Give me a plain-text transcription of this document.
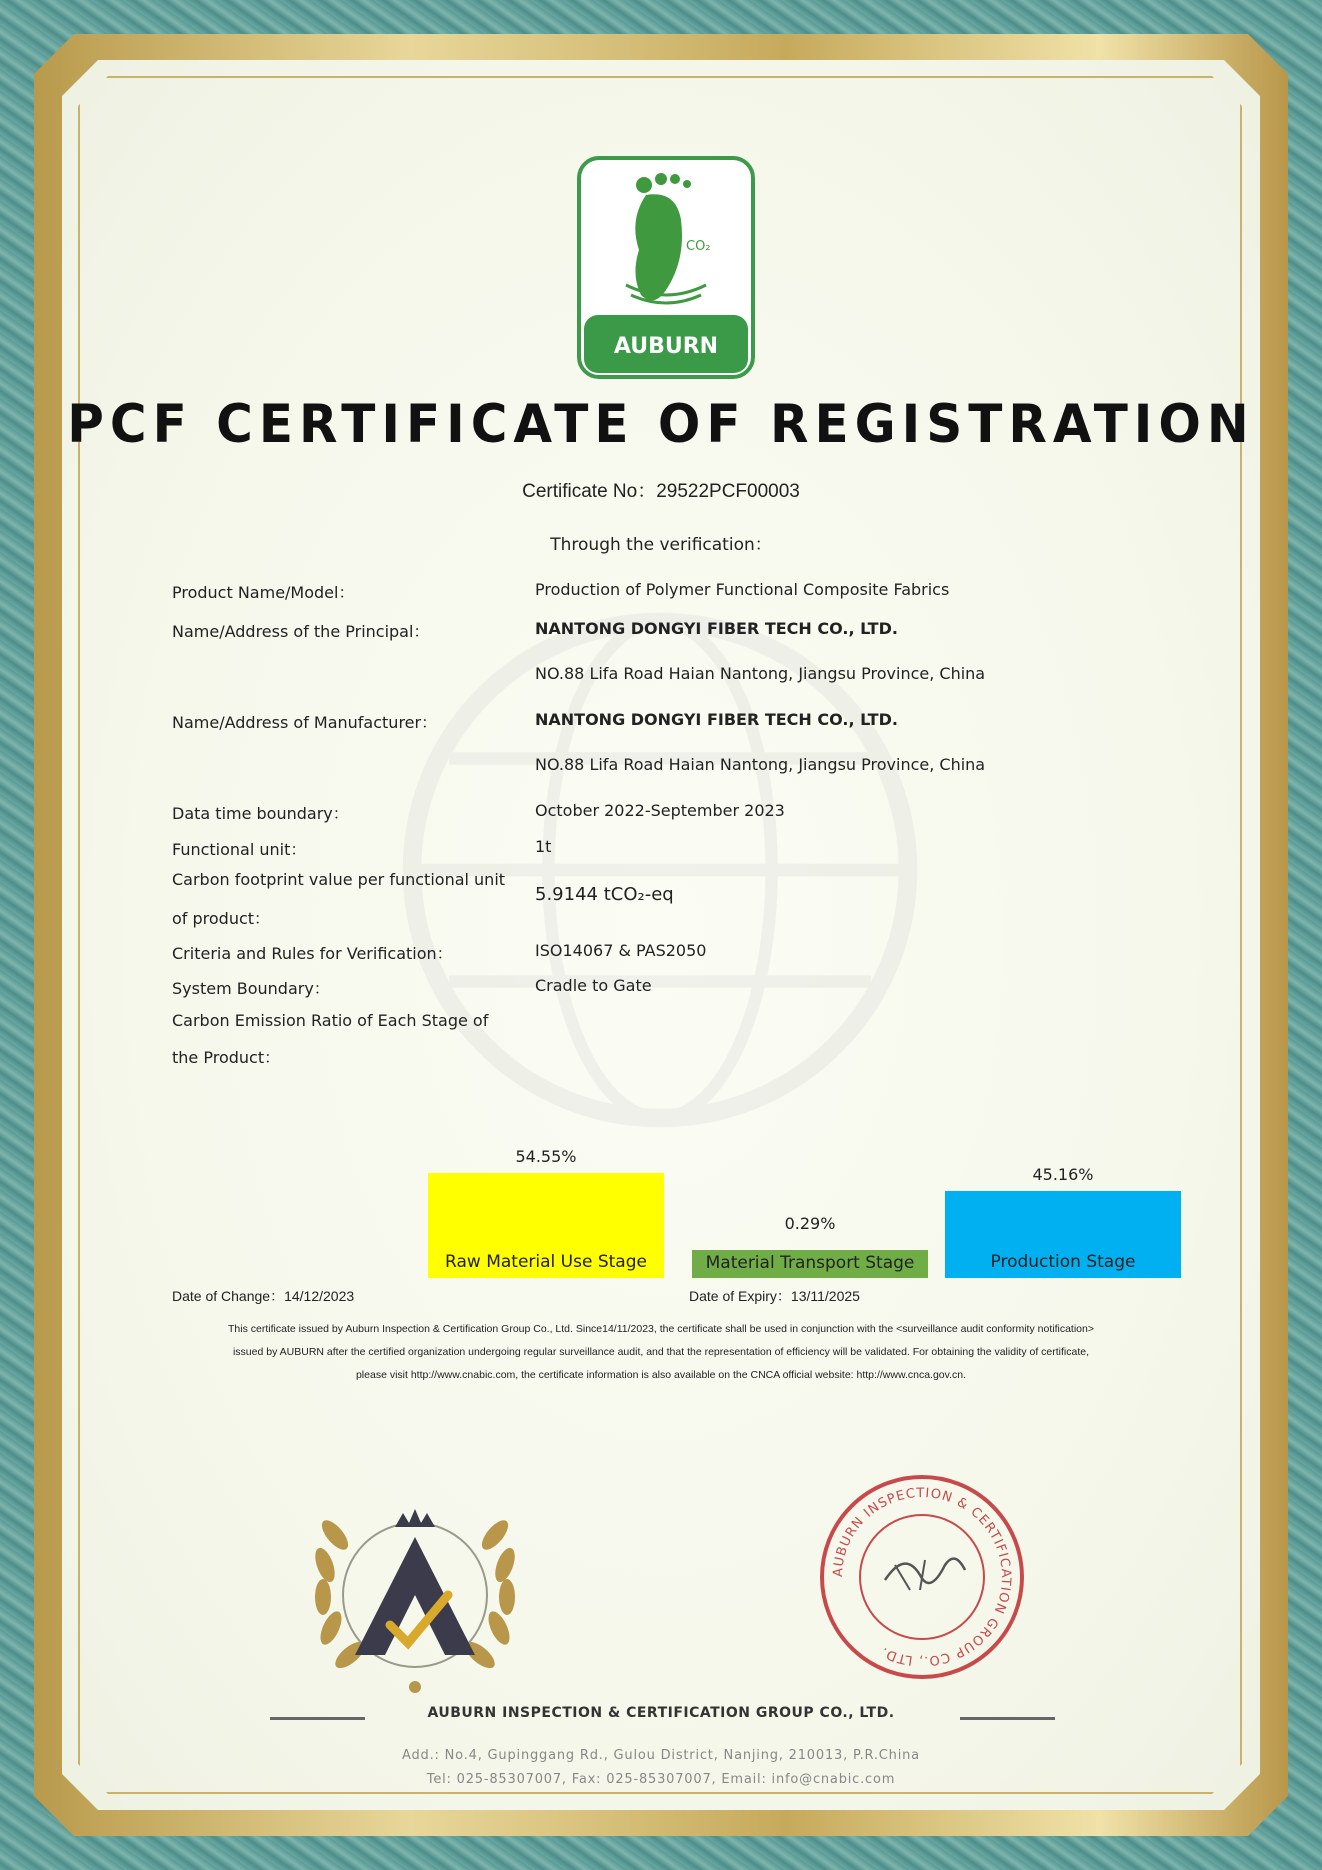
CO₂
AUBURN
PCF CERTIFICATE OF REGISTRATION
Certificate No：29522PCF00003
Through the verification：
Product Name/Model：	Production of Polymer Functional Composite Fabrics
Name/Address of the Principal：	NANTONG DONGYI FIBER TECH CO., LTD.
NO.88 Lifa Road Haian Nantong, Jiangsu Province, China
Name/Address of Manufacturer：	NANTONG DONGYI FIBER TECH CO., LTD.
NO.88 Lifa Road Haian Nantong, Jiangsu Province, China
Data time boundary：	October 2022-September 2023
Functional unit：	1t
Carbon footprint value per functional unit
of product：
5.9144 tCO₂-eq
Criteria and Rules for Verification：	ISO14067 & PAS2050
System Boundary：	Cradle to Gate
Carbon Emission Ratio of Each Stage of
the Product：
54.55%
Raw Material Use Stage
0.29%
Material Transport Stage
45.16%
Production Stage
Date of Change：14/12/2023	Date of Expiry：13/11/2025
This certificate issued by Auburn Inspection & Certification Group Co., Ltd. Since14/11/2023, the certificate shall be used in conjunction with the <surveillance audit conformity notification>
issued by AUBURN after the certified organization undergoing regular surveillance audit, and that the representation of efficiency will be validated. For obtaining the validity of certificate,
please visit http://www.cnabic.com, the certificate information is also available on the CNCA official website: http://www.cnca.gov.cn.
AUBURN INSPECTION & CERTIFICATION GROUP CO., LTD.
AUBURN INSPECTION & CERTIFICATION GROUP CO., LTD.
Add.: No.4, Gupinggang Rd., Gulou District, Nanjing, 210013, P.R.China
Tel: 025-85307007, Fax: 025-85307007, Email: info@cnabic.com
